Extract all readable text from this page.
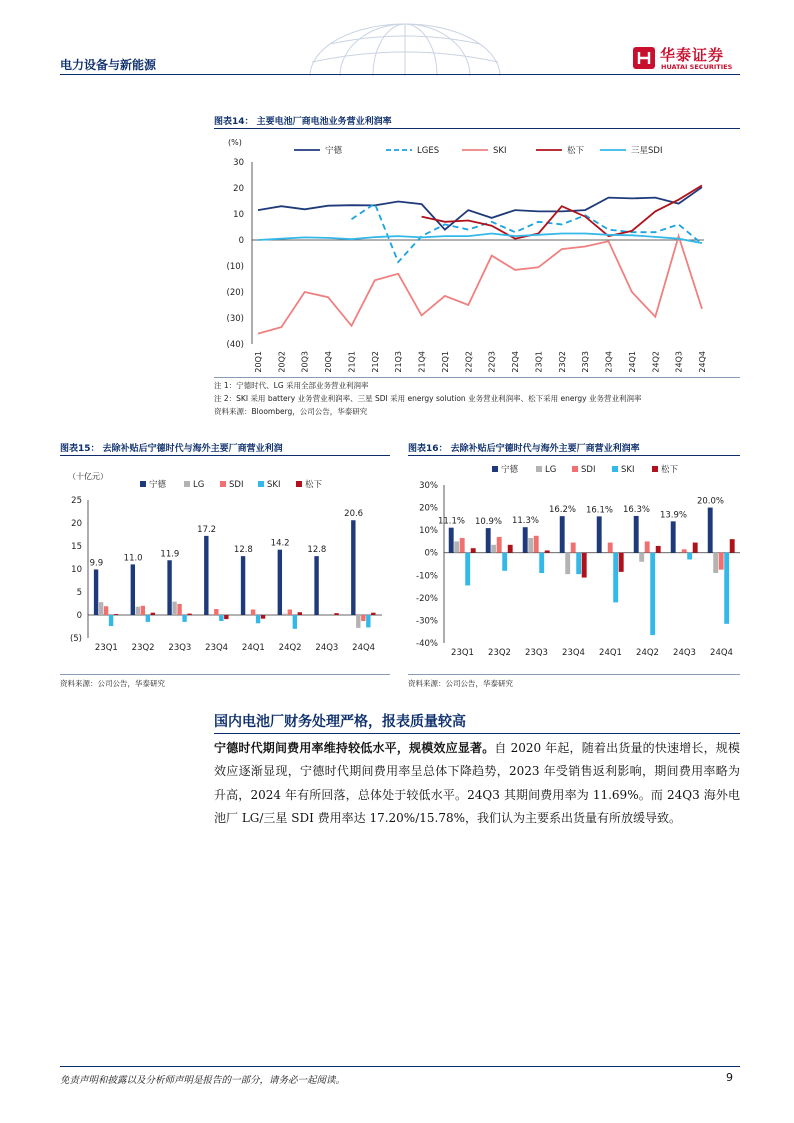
电力设备与新能源
华泰证券
HUATAI SECURITIES
图表14： 主要电池厂商电池业务营业利润率
(%)
30
20
10
0
(10)
(20)
(30)
(40)
20Q1 20Q2 20Q3 20Q4 21Q1 21Q2 21Q3 21Q4 22Q1 22Q2 22Q3 22Q4 23Q1 23Q2 23Q3 23Q4 24Q1 24Q2 24Q3 24Q4
宁德	LGES	SKI	松下	三星SDI
注 1：宁德时代、LG 采用全部业务营业利润率
注 2：SKI 采用 battery 业务营业利润率、三星 SDI 采用 energy solution 业务营业利润率、松下采用 energy 业务营业利润率
资料来源：Bloomberg，公司公告，华泰研究
图表15： 去除补贴后宁德时代与海外主要厂商营业利润
（十亿元）
25
20
15
10
5
0
(5)
9.9
23Q1
11.0
23Q2
11.9
23Q3
17.2
23Q4
12.8
24Q1
14.2
24Q2
12.8
24Q3
20.6
24Q4
宁德	LG	SDI	SKI	松下
资料来源：公司公告，华泰研究
图表16： 去除补贴后宁德时代与海外主要厂商营业利润率
30%
20%
10%
0%
-10%
-20%
-30%
-40%
11.1%
23Q1
10.9%
23Q2
11.3%
23Q3
16.2%
23Q4
16.1%
24Q1
16.3%
24Q2
13.9%
24Q3
20.0%
24Q4
宁德	LG	SDI	SKI	松下
资料来源：公司公告，华泰研究
国内电池厂财务处理严格，报表质量较高
宁德时代期间费用率维持较低水平，规模效应显著。自 2020 年起，随着出货量的快速增长，规模效应逐渐显现，宁德时代期间费用率呈总体下降趋势，2023 年受销售返利影响，期间费用率略为升高，2024 年有所回落，总体处于较低水平。24Q3 其期间费用率为 11.69%。而 24Q3 海外电池厂 LG/三星 SDI 费用率达 17.20%/15.78%，我们认为主要系出货量有所放缓导致。
免责声明和披露以及分析师声明是报告的一部分，请务必一起阅读。	9
